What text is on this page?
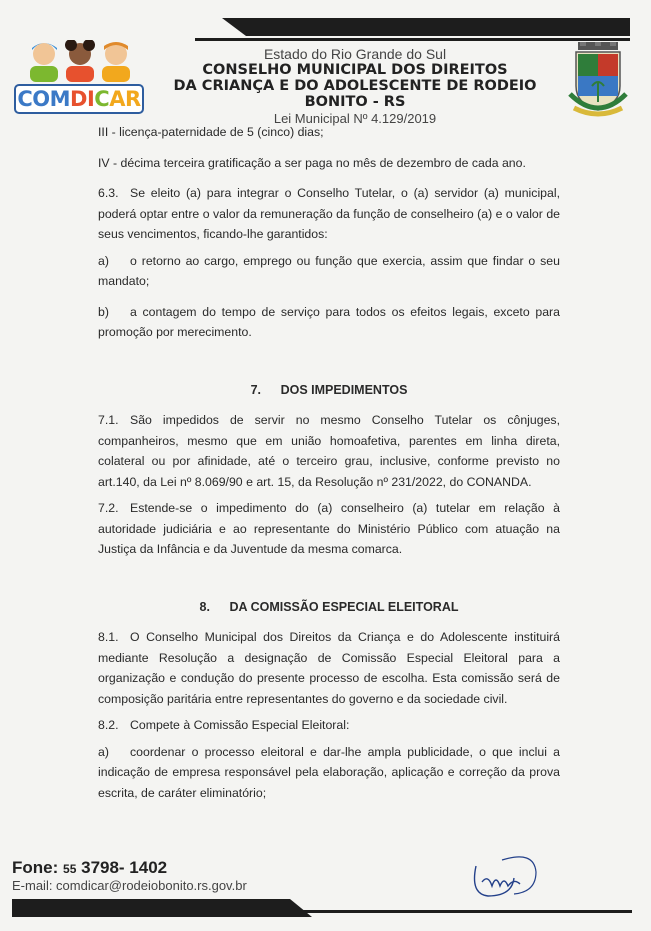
COMDICAR
Estado do Rio Grande do Sul
CONSELHO MUNICIPAL DOS DIREITOS
DA CRIANÇA E DO ADOLESCENTE DE RODEIO BONITO - RS
Lei Municipal Nº 4.129/2019

III - licença-paternidade de 5 (cinco) dias;

IV - décima terceira gratificação a ser paga no mês de dezembro de cada ano.

6.3. Se eleito (a) para integrar o Conselho Tutelar, o (a) servidor (a) municipal, poderá optar entre o valor da remuneração da função de conselheiro (a) e o valor de seus vencimentos, ficando-lhe garantidos:

a) o retorno ao cargo, emprego ou função que exercia, assim que findar o seu mandato;

b) a contagem do tempo de serviço para todos os efeitos legais, exceto para promoção por merecimento.

7. DOS IMPEDIMENTOS

7.1. São impedidos de servir no mesmo Conselho Tutelar os cônjuges, companheiros, mesmo que em união homoafetiva, parentes em linha direta, colateral ou por afinidade, até o terceiro grau, inclusive, conforme previsto no art.140, da Lei nº 8.069/90 e art. 15, da Resolução nº 231/2022, do CONANDA.

7.2. Estende-se o impedimento do (a) conselheiro (a) tutelar em relação à autoridade judiciária e ao representante do Ministério Público com atuação na Justiça da Infância e da Juventude da mesma comarca.

8. DA COMISSÃO ESPECIAL ELEITORAL

8.1. O Conselho Municipal dos Direitos da Criança e do Adolescente instituirá mediante Resolução a designação de Comissão Especial Eleitoral para a organização e condução do presente processo de escolha. Esta comissão será de composição paritária entre representantes do governo e da sociedade civil.

8.2. Compete à Comissão Especial Eleitoral:

a) coordenar o processo eleitoral e dar-lhe ampla publicidade, o que inclui a indicação de empresa responsável pela elaboração, aplicação e correção da prova escrita, de caráter eliminatório;

Fone: 55 3798- 1402
E-mail: comdicar@rodeiobonito.rs.gov.br
